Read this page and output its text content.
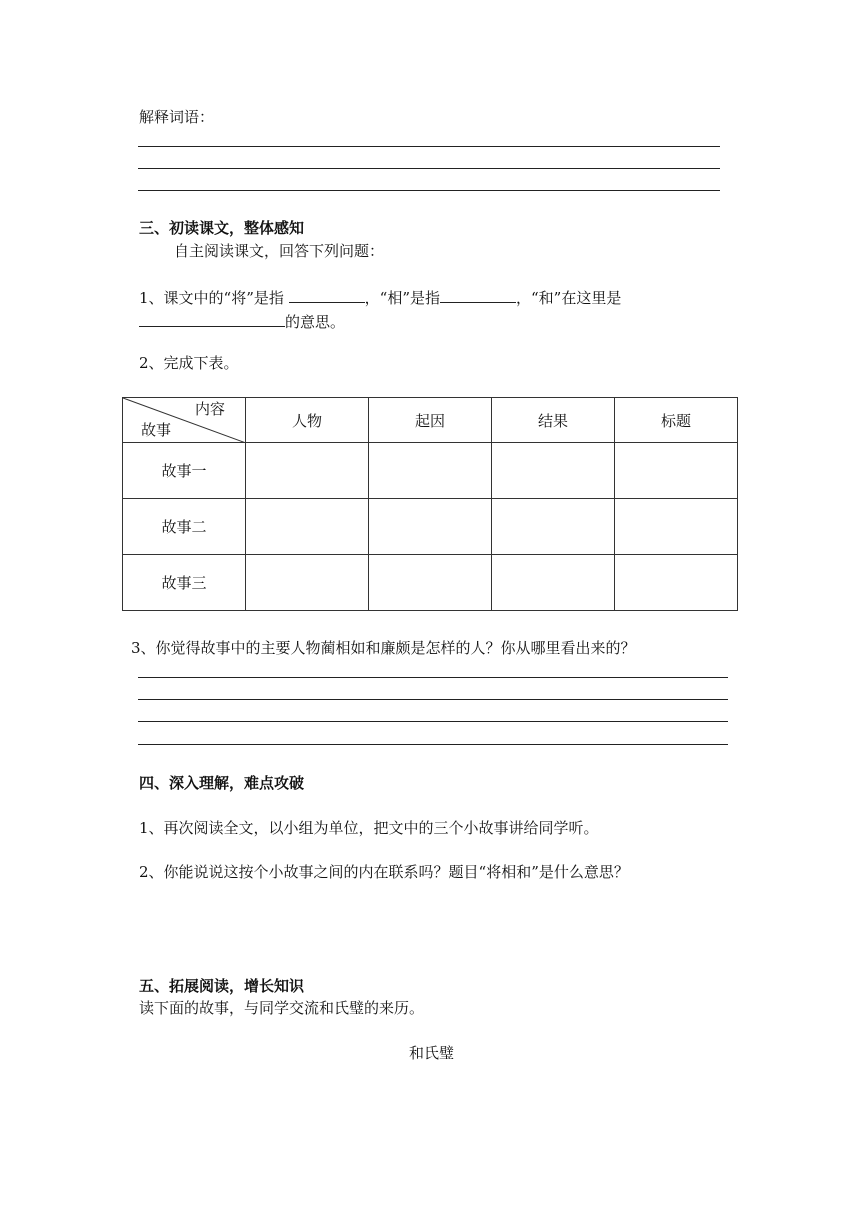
解释词语：
三、初读课文，整体感知
自主阅读课文，回答下列问题：
1、课文中的“将”是指	，“相”是指	，“和”在这里是
的意思。
2、完成下表。
内容
故事	人物	起因	结果	标题
故事一				
故事二				
故事三				
3、你觉得故事中的主要人物蔺相如和廉颇是怎样的人？你从哪里看出来的？
四、深入理解，难点攻破
1、再次阅读全文，以小组为单位，把文中的三个小故事讲给同学听。
2、你能说说这按个小故事之间的内在联系吗？题目“将相和”是什么意思？
五、拓展阅读，增长知识
读下面的故事，与同学交流和氏璧的来历。
和氏璧
